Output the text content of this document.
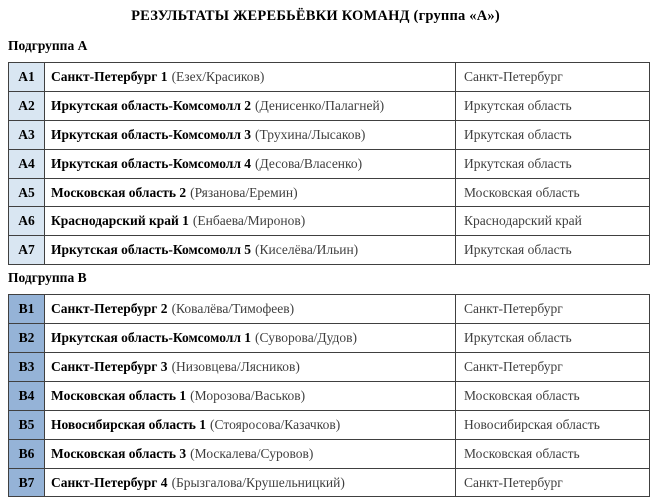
РЕЗУЛЬТАТЫ ЖЕРЕБЬЁВКИ КОМАНД (группа «А»)
Подгруппа А
А1	Санкт-Петербург 1 (Езех/Красиков)	Санкт-Петербург
А2	Иркутская область-Комсомолл 2 (Денисенко/Палагней)	Иркутская область
А3	Иркутская область-Комсомолл 3 (Трухина/Лысаков)	Иркутская область
А4	Иркутская область-Комсомолл 4 (Десова/Власенко)	Иркутская область
А5	Московская область 2 (Рязанова/Еремин)	Московская область
А6	Краснодарский край 1 (Енбаева/Миронов)	Краснодарский край
А7	Иркутская область-Комсомолл 5 (Киселёва/Ильин)	Иркутская область
Подгруппа В
В1	Санкт-Петербург 2 (Ковалёва/Тимофеев)	Санкт-Петербург
В2	Иркутская область-Комсомолл 1 (Суворова/Дудов)	Иркутская область
В3	Санкт-Петербург 3 (Низовцева/Лясников)	Санкт-Петербург
В4	Московская область 1 (Морозова/Васьков)	Московская область
В5	Новосибирская область 1 (Стояросова/Казачков)	Новосибирская область
В6	Московская область 3 (Москалева/Суровов)	Московская область
В7	Санкт-Петербург 4 (Брызгалова/Крушельницкий)	Санкт-Петербург
